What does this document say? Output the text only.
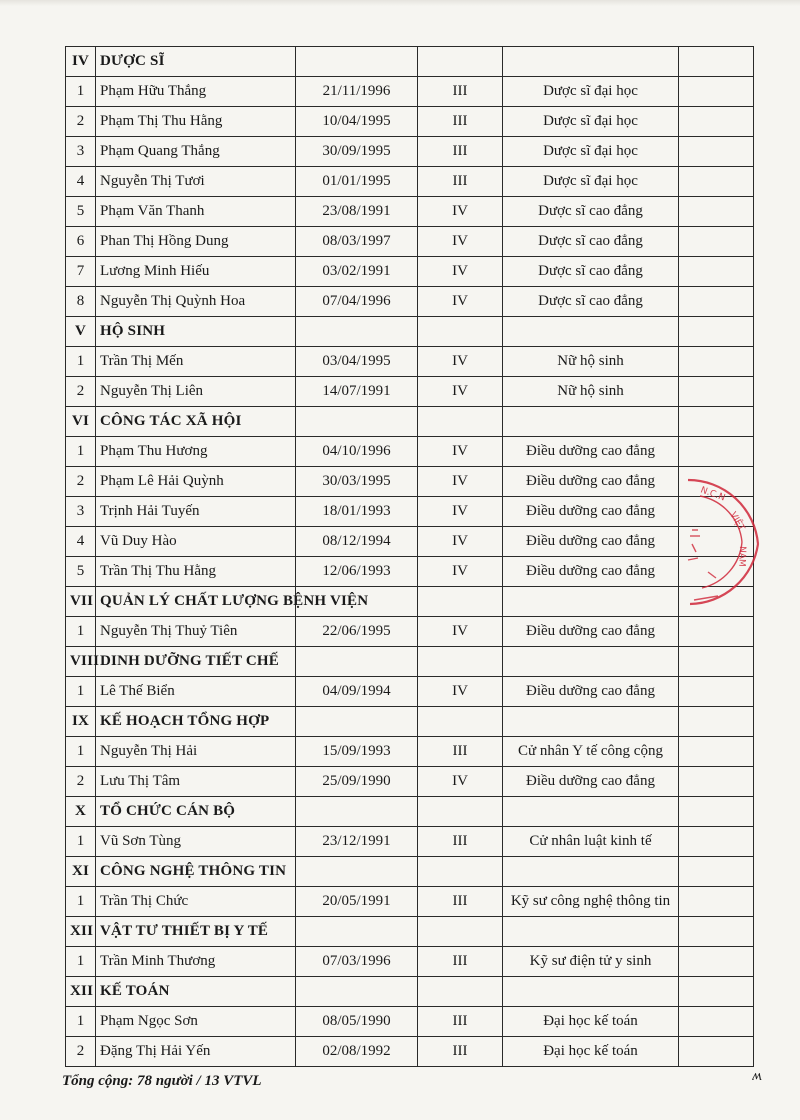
IV	DƯỢC SĨ				
1	Phạm Hữu Thắng	21/11/1996	III	Dược sĩ đại học	
2	Phạm Thị Thu Hằng	10/04/1995	III	Dược sĩ đại học	
3	Phạm Quang Thắng	30/09/1995	III	Dược sĩ đại học	
4	Nguyễn Thị Tươi	01/01/1995	III	Dược sĩ đại học	
5	Phạm Văn Thanh	23/08/1991	IV	Dược sĩ cao đẳng	
6	Phan Thị Hồng Dung	08/03/1997	IV	Dược sĩ cao đẳng	
7	Lương Minh Hiếu	03/02/1991	IV	Dược sĩ cao đẳng	
8	Nguyễn Thị Quỳnh Hoa	07/04/1996	IV	Dược sĩ cao đẳng	
V	HỘ SINH				
1	Trần Thị Mến	03/04/1995	IV	Nữ hộ sinh	
2	Nguyễn Thị Liên	14/07/1991	IV	Nữ hộ sinh	
VI	CÔNG TÁC XÃ HỘI				
1	Phạm Thu Hương	04/10/1996	IV	Điều dưỡng cao đẳng	
2	Phạm Lê Hải Quỳnh	30/03/1995	IV	Điều dưỡng cao đẳng	
3	Trịnh Hải Tuyến	18/01/1993	IV	Điều dưỡng cao đẳng	
4	Vũ Duy Hào	08/12/1994	IV	Điều dưỡng cao đẳng	
5	Trần Thị Thu Hằng	12/06/1993	IV	Điều dưỡng cao đẳng	
VII	QUẢN LÝ CHẤT LƯỢNG BỆNH VIỆN				
1	Nguyễn Thị Thuỷ Tiên	22/06/1995	IV	Điều dưỡng cao đẳng	
VIII	DINH DƯỠNG TIẾT CHẾ				
1	Lê Thế Biển	04/09/1994	IV	Điều dưỡng cao đẳng	
IX	KẾ HOẠCH TỔNG HỢP				
1	Nguyễn Thị Hải	15/09/1993	III	Cử nhân Y tế công cộng	
2	Lưu Thị Tâm	25/09/1990	IV	Điều dưỡng cao đẳng	
X	TỔ CHỨC CÁN BỘ				
1	Vũ Sơn Tùng	23/12/1991	III	Cử nhân luật kinh tế	
XI	CÔNG NGHỆ THÔNG TIN				
1	Trần Thị Chức	20/05/1991	III	Kỹ sư công nghệ thông tin	
XII	VẬT TƯ THIẾT BỊ Y TẾ				
1	Trần Minh Thương	07/03/1996	III	Kỹ sư điện tử y sinh	
XII	KẾ TOÁN				
1	Phạm Ngọc Sơn	08/05/1990	III	Đại học kế toán	
2	Đặng Thị Hải Yến	02/08/1992	III	Đại học kế toán	
N.C.N
VIỆT
NAM
Tổng cộng: 78 người / 13 VTVL	ʍ
